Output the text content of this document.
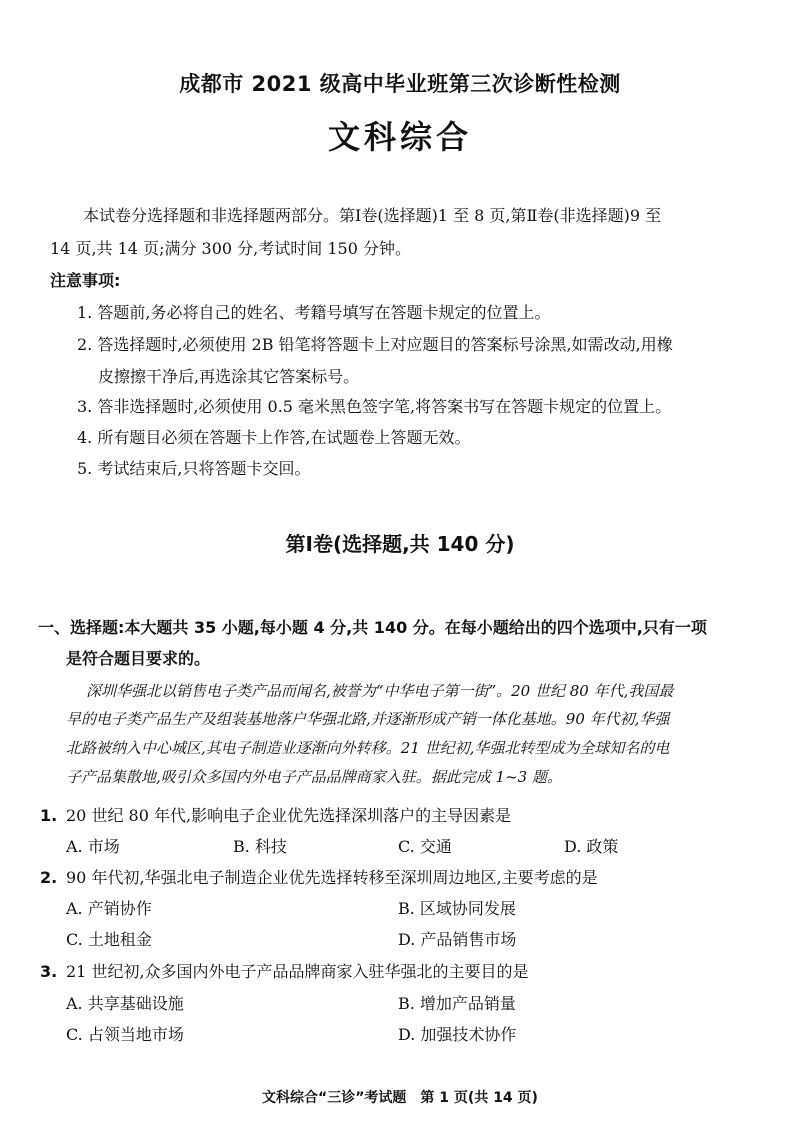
成都市 2021 级高中毕业班第三次诊断性检测
文科综合
本试卷分选择题和非选择题两部分。第Ⅰ卷(选择题)1 至 8 页,第Ⅱ卷(非选择题)9 至
14 页,共 14 页;满分 300 分,考试时间 150 分钟。
注意事项:
1. 答题前,务必将自己的姓名、考籍号填写在答题卡规定的位置上。
2. 答选择题时,必须使用 2B 铅笔将答题卡上对应题目的答案标号涂黑,如需改动,用橡
皮擦擦干净后,再选涂其它答案标号。
3. 答非选择题时,必须使用 0.5 毫米黑色签字笔,将答案书写在答题卡规定的位置上。
4. 所有题目必须在答题卡上作答,在试题卷上答题无效。
5. 考试结束后,只将答题卡交回。
第Ⅰ卷(选择题,共 140 分)
一、选择题:本大题共 35 小题,每小题 4 分,共 140 分。在每小题给出的四个选项中,只有一项
是符合题目要求的。
深圳华强北以销售电子类产品而闻名,被誉为“中华电子第一街”。20 世纪 80 年代,我国最
早的电子类产品生产及组装基地落户华强北路,并逐渐形成产销一体化基地。90 年代初,华强
北路被纳入中心城区,其电子制造业逐渐向外转移。21 世纪初,华强北转型成为全球知名的电
子产品集散地,吸引众多国内外电子产品品牌商家入驻。据此完成 1~3 题。
1. 20 世纪 80 年代,影响电子企业优先选择深圳落户的主导因素是
A. 市场	B. 科技	C. 交通	D. 政策
2. 90 年代初,华强北电子制造企业优先选择转移至深圳周边地区,主要考虑的是
A. 产销协作	B. 区域协同发展
C. 土地租金	D. 产品销售市场
3. 21 世纪初,众多国内外电子产品品牌商家入驻华强北的主要目的是
A. 共享基础设施	B. 增加产品销量
C. 占领当地市场	D. 加强技术协作
文科综合“三诊”考试题　第 1 页(共 14 页)
